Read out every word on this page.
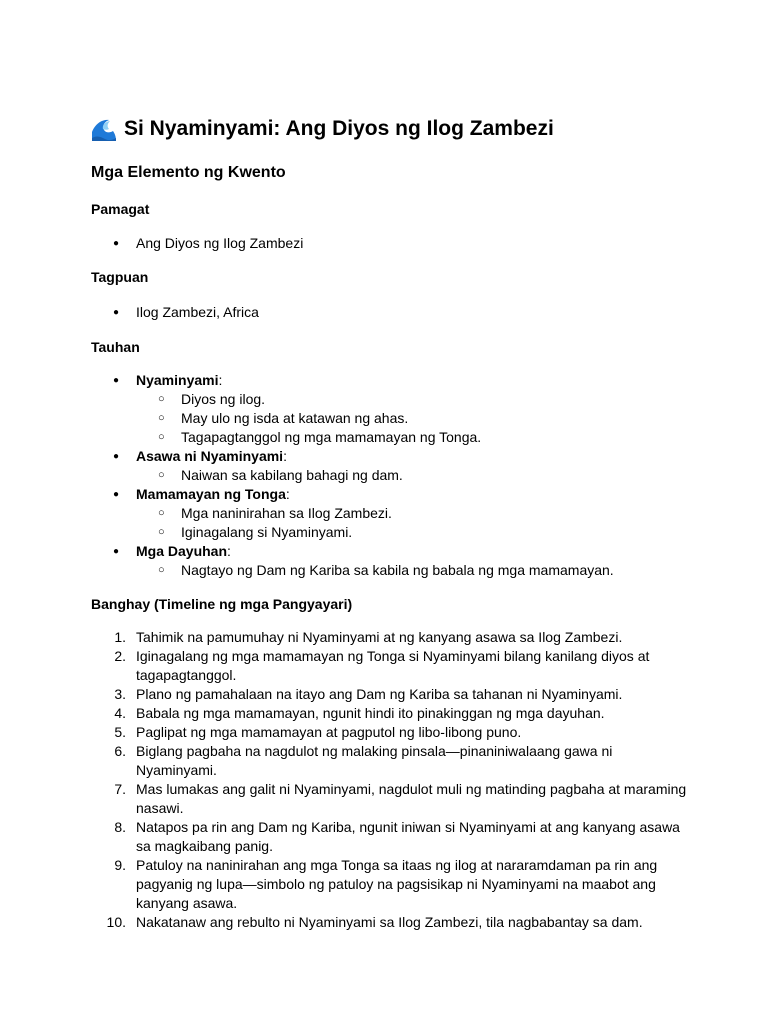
Si Nyaminyami: Ang Diyos ng Ilog Zambezi
Mga Elemento ng Kwento
Pamagat
● Ang Diyos ng Ilog Zambezi
Tagpuan
● Ilog Zambezi, Africa
Tauhan
● Nyaminyami:
○ Diyos ng ilog.
○ May ulo ng isda at katawan ng ahas.
○ Tagapagtanggol ng mga mamamayan ng Tonga.
● Asawa ni Nyaminyami:
○ Naiwan sa kabilang bahagi ng dam.
● Mamamayan ng Tonga:
○ Mga naninirahan sa Ilog Zambezi.
○ Iginagalang si Nyaminyami.
● Mga Dayuhan:
○ Nagtayo ng Dam ng Kariba sa kabila ng babala ng mga mamamayan.
Banghay (Timeline ng mga Pangyayari)
1. Tahimik na pamumuhay ni Nyaminyami at ng kanyang asawa sa Ilog Zambezi.
2. Iginagalang ng mga mamamayan ng Tonga si Nyaminyami bilang kanilang diyos at tagapagtanggol.
3. Plano ng pamahalaan na itayo ang Dam ng Kariba sa tahanan ni Nyaminyami.
4. Babala ng mga mamamayan, ngunit hindi ito pinakinggan ng mga dayuhan.
5. Paglipat ng mga mamamayan at pagputol ng libo-libong puno.
6. Biglang pagbaha na nagdulot ng malaking pinsala—pinaniniwalaang gawa ni Nyaminyami.
7. Mas lumakas ang galit ni Nyaminyami, nagdulot muli ng matinding pagbaha at maraming nasawi.
8. Natapos pa rin ang Dam ng Kariba, ngunit iniwan si Nyaminyami at ang kanyang asawa sa magkaibang panig.
9. Patuloy na naninirahan ang mga Tonga sa itaas ng ilog at nararamdaman pa rin ang pagyanig ng lupa—simbolo ng patuloy na pagsisikap ni Nyaminyami na maabot ang kanyang asawa.
10. Nakatanaw ang rebulto ni Nyaminyami sa Ilog Zambezi, tila nagbabantay sa dam.
